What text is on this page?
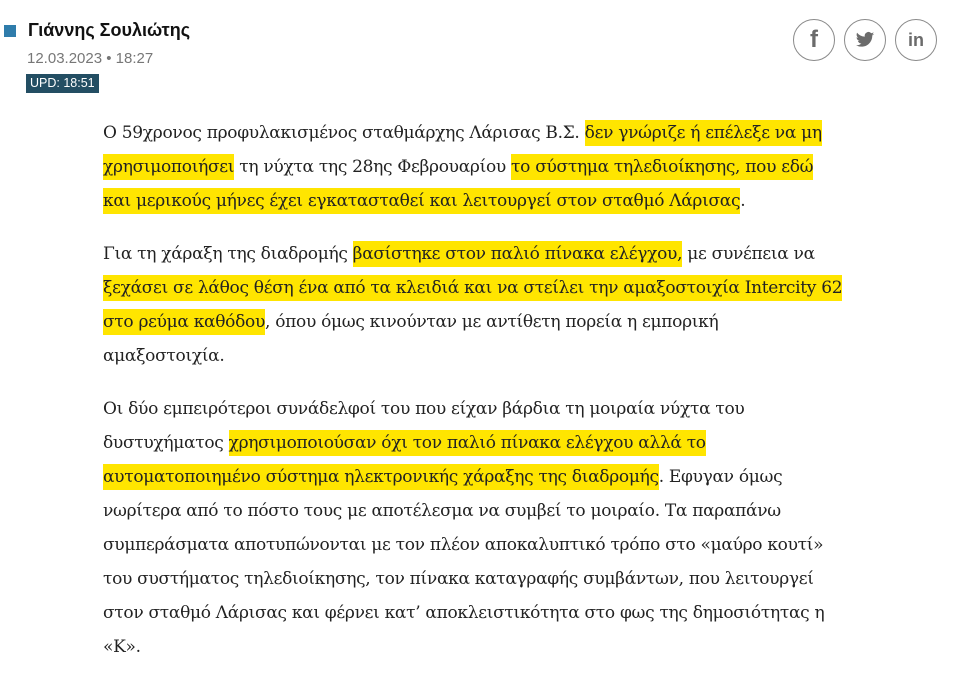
Γιάννης Σουλιώτης
12.03.2023 • 18:27
UPD: 18:51
f	in
Ο 59χρονος προφυλακισμένος σταθμάρχης Λάρισας Β.Σ. δεν γνώριζε ή επέλεξε να μη
χρησιμοποιήσει τη νύχτα της 28ης Φεβρουαρίου το σύστημα τηλεδιοίκησης, που εδώ
και μερικούς μήνες έχει εγκατασταθεί και λειτουργεί στον σταθμό Λάρισας.
Για τη χάραξη της διαδρομής βασίστηκε στον παλιό πίνακα ελέγχου, με συνέπεια να
ξεχάσει σε λάθος θέση ένα από τα κλειδιά και να στείλει την αμαξοστοιχία Intercity 62
στο ρεύμα καθόδου, όπου όμως κινούνταν με αντίθετη πορεία η εμπορική
αμαξοστοιχία.
Οι δύο εμπειρότεροι συνάδελφοί του που είχαν βάρδια τη μοιραία νύχτα του
δυστυχήματος χρησιμοποιούσαν όχι τον παλιό πίνακα ελέγχου αλλά το
αυτοματοποιημένο σύστημα ηλεκτρονικής χάραξης της διαδρομής. Εφυγαν όμως
νωρίτερα από το πόστο τους με αποτέλεσμα να συμβεί το μοιραίο. Τα παραπάνω
συμπεράσματα αποτυπώνονται με τον πλέον αποκαλυπτικό τρόπο στο «μαύρο κουτί»
του συστήματος τηλεδιοίκησης, τον πίνακα καταγραφής συμβάντων, που λειτουργεί
στον σταθμό Λάρισας και φέρνει κατ’ αποκλειστικότητα στο φως της δημοσιότητας η
«Κ».
